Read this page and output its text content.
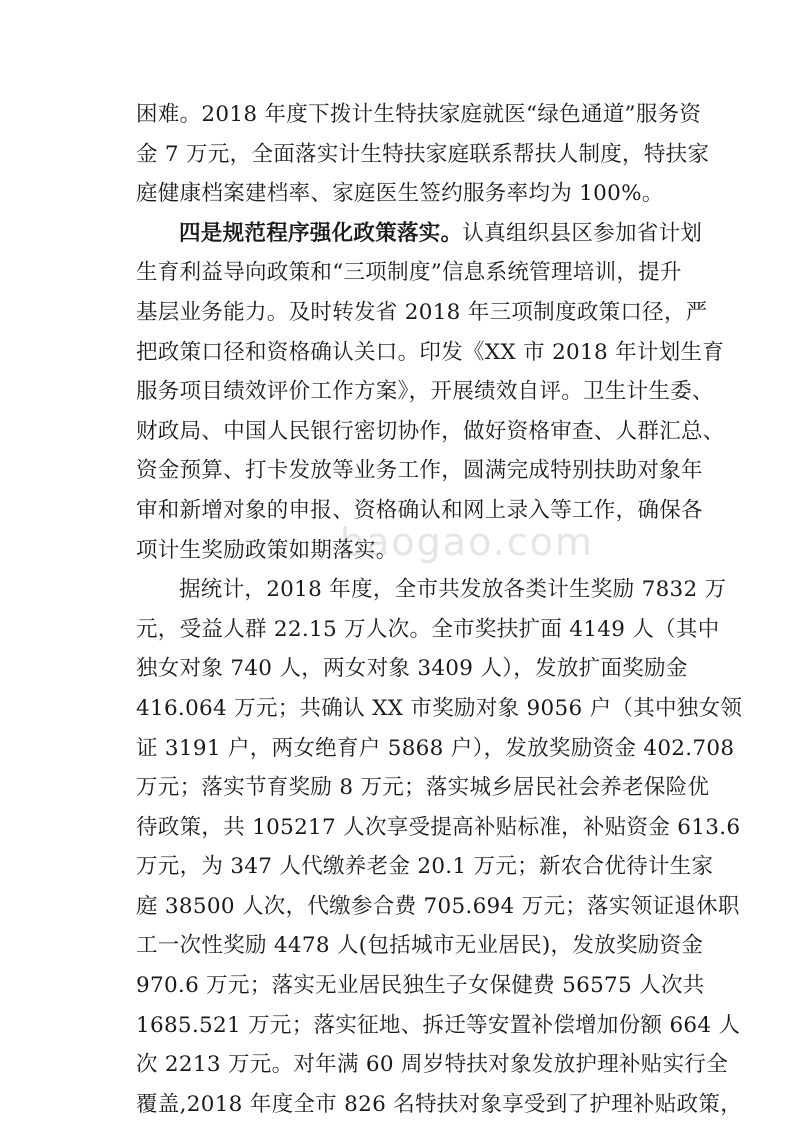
baogao.com
困难。2018 年度下拨计生特扶家庭就医“绿色通道”服务资
金 7 万元，全面落实计生特扶家庭联系帮扶人制度，特扶家
庭健康档案建档率、家庭医生签约服务率均为 100%。
四是规范程序强化政策落实。认真组织县区参加省计划
生育利益导向政策和“三项制度”信息系统管理培训，提升
基层业务能力。及时转发省 2018 年三项制度政策口径，严
把政策口径和资格确认关口。印发《XX 市 2018 年计划生育
服务项目绩效评价工作方案》，开展绩效自评。卫生计生委、
财政局、中国人民银行密切协作，做好资格审查、人群汇总、
资金预算、打卡发放等业务工作，圆满完成特别扶助对象年
审和新增对象的申报、资格确认和网上录入等工作，确保各
项计生奖励政策如期落实。
据统计，2018 年度，全市共发放各类计生奖励 7832 万
元，受益人群 22.15 万人次。全市奖扶扩面 4149 人（其中
独女对象 740 人，两女对象 3409 人），发放扩面奖励金
416.064 万元；共确认 XX 市奖励对象 9056 户（其中独女领
证 3191 户，两女绝育户 5868 户），发放奖励资金 402.708
万元；落实节育奖励 8 万元；落实城乡居民社会养老保险优
待政策，共 105217 人次享受提高补贴标准，补贴资金 613.6
万元，为 347 人代缴养老金 20.1 万元；新农合优待计生家
庭 38500 人次，代缴参合费 705.694 万元；落实领证退休职
工一次性奖励 4478 人(包括城市无业居民)，发放奖励资金
970.6 万元；落实无业居民独生子女保健费 56575 人次共
1685.521 万元；落实征地、拆迁等安置补偿增加份额 664 人
次 2213 万元。对年满 60 周岁特扶对象发放护理补贴实行全
覆盖,2018 年度全市 826 名特扶对象享受到了护理补贴政策，
